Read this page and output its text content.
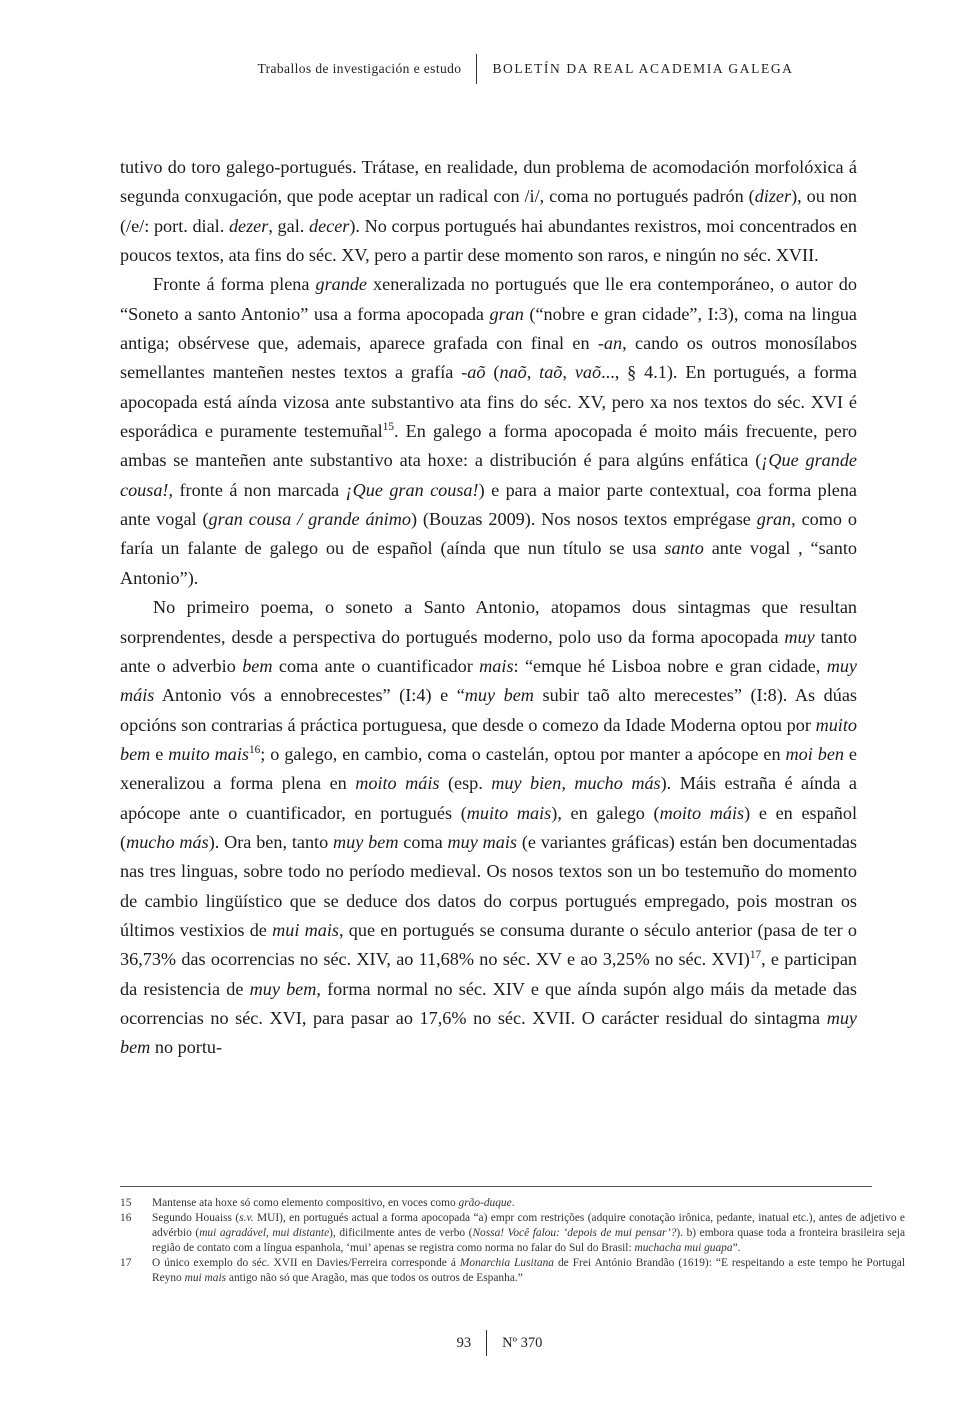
Traballos de investigación e estudo BOLETÍN DA REAL ACADEMIA GALEGA

tutivo do toro galego-portugués. Trátase, en realidade, dun problema de acomodación morfolóxica á segunda conxugación, que pode aceptar un radical con /i/, coma no portugués padrón (dizer), ou non (/e/: port. dial. dezer, gal. decer). No corpus portugués hai abundantes rexistros, moi concentrados en poucos textos, ata fins do séc. XV, pero a partir dese momento son raros, e ningún no séc. XVII.

Fronte á forma plena grande xeneralizada no portugués que lle era contemporáneo, o autor do “Soneto a santo Antonio” usa a forma apocopada gran (“nobre e gran cidade”, I:3), coma na lingua antiga; obsérvese que, ademais, aparece grafada con final en -an, cando os outros monosílabos semellantes manteñen nestes textos a grafía -aõ (naõ, taõ, vaõ..., § 4.1). En portugués, a forma apocopada está aínda vizosa ante substantivo ata fins do séc. XV, pero xa nos textos do séc. XVI é esporádica e puramente testemuñal$^{15}$. En galego a forma apocopada é moito máis frecuente, pero ambas se manteñen ante substantivo ata hoxe: a distribución é para algúns enfática (¡Que grande cousa!, fronte á non marcada ¡Que gran cousa!) e para a maior parte contextual, coa forma plena ante vogal (gran cousa / grande ánimo) (Bouzas 2009). Nos nosos textos emprégase gran, como o faría un falante de galego ou de español (aínda que nun título se usa santo ante vogal , “santo Antonio”).

No primeiro poema, o soneto a Santo Antonio, atopamos dous sintagmas que resultan sorprendentes, desde a perspectiva do portugués moderno, polo uso da forma apocopada muy tanto ante o adverbio bem coma ante o cuantificador mais: “emque hé Lisboa nobre e gran cidade, muy máis Antonio vós a ennobrecestes” (I:4) e “muy bem subir taõ alto merecestes” (I:8). As dúas opcións son contrarias á práctica portuguesa, que desde o comezo da Idade Moderna optou por muito bem e muito mais$^{16}$; o galego, en cambio, coma o castelán, optou por manter a apócope en moi ben e xeneralizou a forma plena en moito máis (esp. muy bien, mucho más). Máis estraña é aínda a apócope ante o cuantificador, en portugués (muito mais), en galego (moito máis) e en español (mucho más). Ora ben, tanto muy bem coma muy mais (e variantes gráficas) están ben documentadas nas tres linguas, sobre todo no período medieval. Os nosos textos son un bo testemuño do momento de cambio lingüístico que se deduce dos datos do corpus portugués empregado, pois mostran os últimos vestixios de mui mais, que en portugués se consuma durante o século anterior (pasa de ter o 36,73% das ocorrencias no séc. XIV, ao 11,68% no séc. XV e ao 3,25% no séc. XVI)$^{17}$, e participan da resistencia de muy bem, forma normal no séc. XIV e que aínda supón algo máis da metade das ocorrencias no séc. XVI, para pasar ao 17,6% no séc. XVII. O carácter residual do sintagma muy bem no portu-

15	Mantense ata hoxe só como elemento compositivo, en voces como grão-duque.
16	Segundo Houaiss (s.v. MUI), en portugués actual a forma apocopada “a) empr com restrições (adquire conotação irônica, pedante, inatual etc.), antes de adjetivo e advérbio (mui agradável, mui distante), dificilmente antes de verbo (Nossa! Você falou: ‘depois de mui pensar’?). b) embora quase toda a fronteira brasileira seja região de contato com a língua espanhola, ‘mui’ apenas se registra como norma no falar do Sul do Brasil: muchacha mui guapa”.
17	O único exemplo do séc. XVII en Davies/Ferreira corresponde á Monarchia Lusitana de Frei António Brandão (1619): “E respeitando a este tempo he Portugal Reyno mui mais antigo não só que Aragão, mas que todos os outros de Espanha.”
93 Nº 370
